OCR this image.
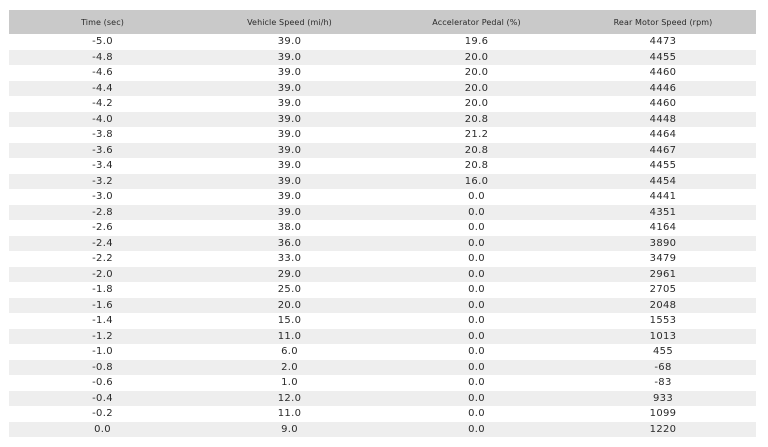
Time (sec)	Vehicle Speed (mi/h)	Accelerator Pedal (%)	Rear Motor Speed (rpm)
-5.0	39.0	19.6	4473
-4.8	39.0	20.0	4455
-4.6	39.0	20.0	4460
-4.4	39.0	20.0	4446
-4.2	39.0	20.0	4460
-4.0	39.0	20.8	4448
-3.8	39.0	21.2	4464
-3.6	39.0	20.8	4467
-3.4	39.0	20.8	4455
-3.2	39.0	16.0	4454
-3.0	39.0	0.0	4441
-2.8	39.0	0.0	4351
-2.6	38.0	0.0	4164
-2.4	36.0	0.0	3890
-2.2	33.0	0.0	3479
-2.0	29.0	0.0	2961
-1.8	25.0	0.0	2705
-1.6	20.0	0.0	2048
-1.4	15.0	0.0	1553
-1.2	11.0	0.0	1013
-1.0	6.0	0.0	455
-0.8	2.0	0.0	-68
-0.6	1.0	0.0	-83
-0.4	12.0	0.0	933
-0.2	11.0	0.0	1099
0.0	9.0	0.0	1220
